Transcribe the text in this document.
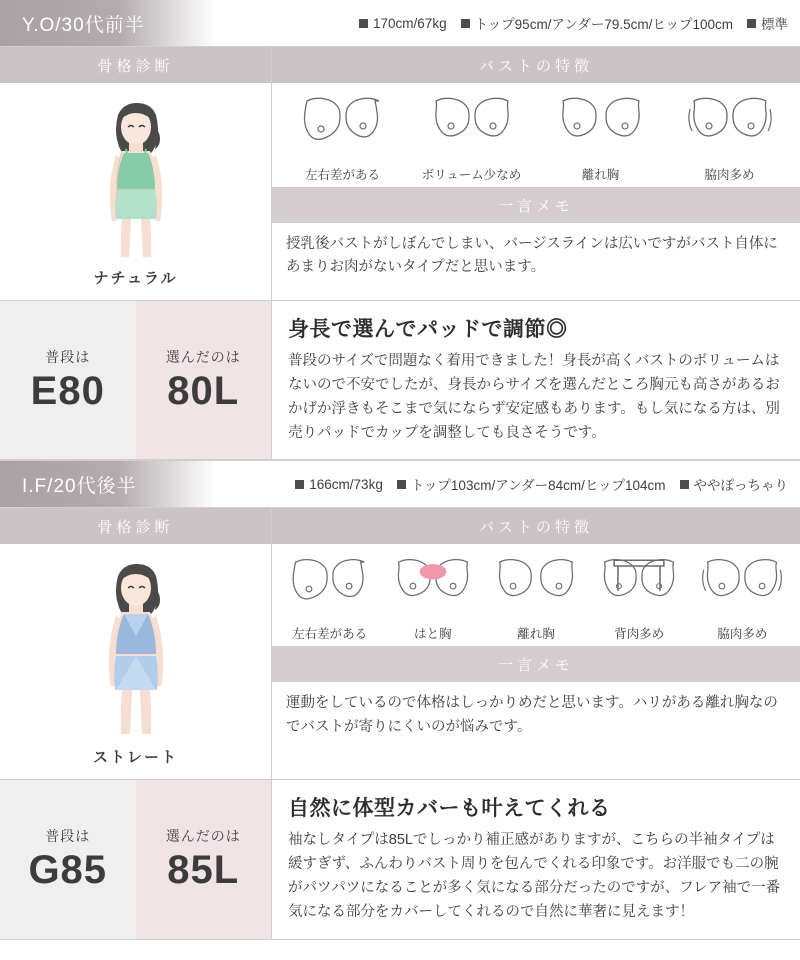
Y.O/30代前半	170cm/67kg トップ95cm/アンダー79.5cm/ヒップ100cm 標準
骨格診断
ナチュラル
バストの特徴
左右差がある	ボリューム少なめ	離れ胸	脇肉多め
一言メモ
授乳後バストがしぼんでしまい、バージスラインは広いですがバスト自体にあまりお肉がないタイプだと思います。
普段は
E80
選んだのは
80L
身長で選んでパッドで調節◎
普段のサイズで問題なく着用できました！身長が高くバストのボリュームはないので不安でしたが、身長からサイズを選んだところ胸元も高さがあるおかげか浮きもそこまで気にならず安定感もあります。もし気になる方は、別売りパッドでカップを調整しても良さそうです。
I.F/20代後半	166cm/73kg トップ103cm/アンダー84cm/ヒップ104cm ややぽっちゃり
骨格診断
ストレート
バストの特徴
左右差がある	はと胸	離れ胸	背肉多め	脇肉多め
一言メモ
運動をしているので体格はしっかりめだと思います。ハリがある離れ胸なのでバストが寄りにくいのが悩みです。
普段は
G85
選んだのは
85L
自然に体型カバーも叶えてくれる
袖なしタイプは85Lでしっかり補正感がありますが、こちらの半袖タイプは緩すぎず、ふんわりバスト周りを包んでくれる印象です。お洋服でも二の腕がパツパツになることが多く気になる部分だったのですが、フレア袖で一番気になる部分をカバーしてくれるので自然に華奢に見えます！
